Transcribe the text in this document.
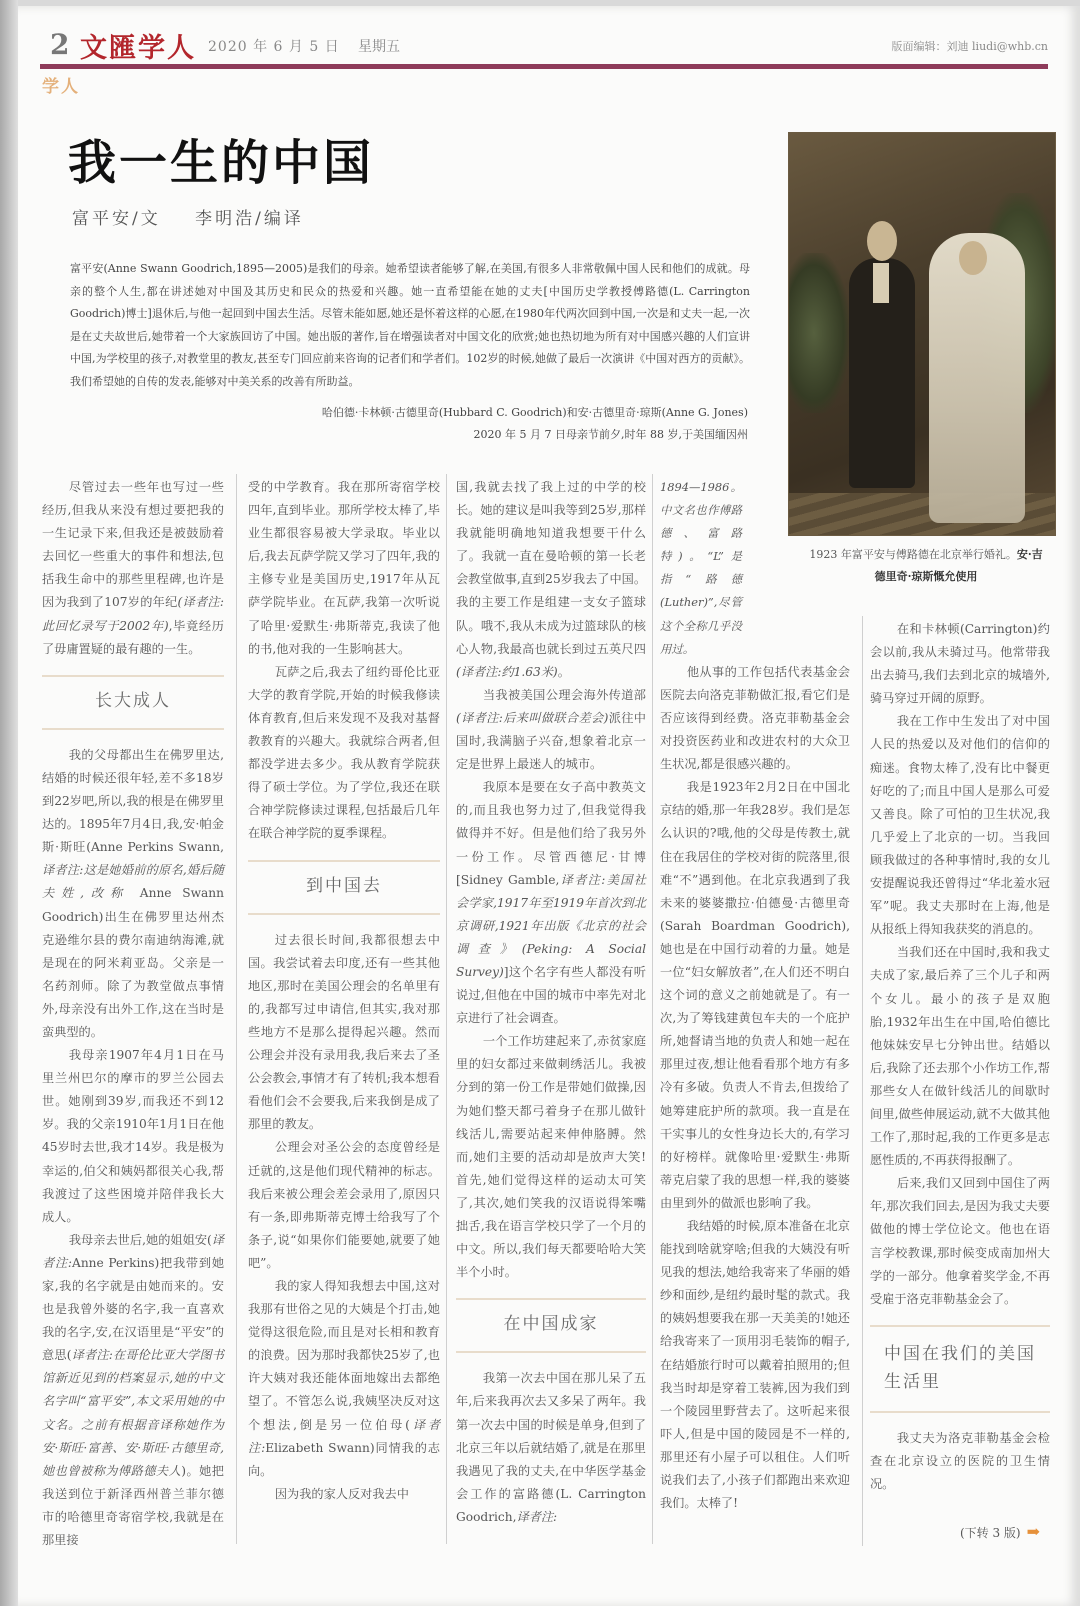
2 文匯学人 2020 年 6 月 5 日 星期五	版面编辑：刘迪 liudi@whb.cn
学人
我一生的中国
富平安/文 李明浩/编译

富平安(Anne Swann Goodrich,1895—2005)是我们的母亲。她希望读者能够了解,在美国,有很多人非常敬佩中国人民和他们的成就。母亲的整个人生,都在讲述她对中国及其历史和民众的热爱和兴趣。她一直希望能在她的丈夫[中国历史学教授傅路德(L. Carrington Goodrich)博士]退休后,与他一起回到中国去生活。尽管未能如愿,她还是怀着这样的心愿,在1980年代两次回到中国,一次是和丈夫一起,一次是在丈夫故世后,她带着一个大家族回访了中国。她出版的著作,旨在增强读者对中国文化的欣赏;她也热切地为所有对中国感兴趣的人们宣讲中国,为学校里的孩子,对教堂里的教友,甚至专门回应前来咨询的记者们和学者们。102岁的时候,她做了最后一次演讲《中国对西方的贡献》。我们希望她的自传的发表,能够对中美关系的改善有所助益。

哈伯德·卡林顿·古德里奇(Hubbard C. Goodrich)和安·古德里奇·琼斯(Anne G. Jones)
2020 年 5 月 7 日母亲节前夕,时年 88 岁,于美国缅因州
1923 年富平安与傅路德在北京举行婚礼。安·吉德里奇·琼斯慨允使用

尽管过去一些年也写过一些经历,但我从来没有想过要把我的一生记录下来,但我还是被鼓励着去回忆一些重大的事件和想法,包括我生命中的那些里程碑,也许是因为我到了107岁的年纪(译者注:此回忆录写于2002年),毕竟经历了毋庸置疑的最有趣的一生。

长大成人

我的父母都出生在佛罗里达,结婚的时候还很年轻,差不多18岁到22岁吧,所以,我的根是在佛罗里达的。1895年7月4日,我,安·帕金斯·斯旺(Anne Perkins Swann,译者注:这是她婚前的原名,婚后随夫姓,改称 Anne Swann Goodrich)出生在佛罗里达州杰克逊维尔县的费尔南迪纳海滩,就是现在的阿米莉亚岛。父亲是一名药剂师。除了为教堂做点事情外,母亲没有出外工作,这在当时是蛮典型的。

我母亲1907年4月1日在马里兰州巴尔的摩市的罗兰公园去世。她刚到39岁,而我还不到12岁。我的父亲1910年1月1日在他45岁时去世,我才14岁。我是极为幸运的,伯父和姨妈都很关心我,帮我渡过了这些困境并陪伴我长大成人。

我母亲去世后,她的姐姐安(译者注:Anne Perkins)把我带到她家,我的名字就是由她而来的。安也是我曾外婆的名字,我一直喜欢我的名字,安,在汉语里是“平安”的意思(译者注:在哥伦比亚大学图书馆新近见到的档案显示,她的中文名字叫“富平安”,本文采用她的中文名。之前有根据音译称她作为安·斯旺·富善、安·斯旺·古德里奇,她也曾被称为傅路德夫人)。她把我送到位于新泽西州普兰菲尔德市的哈德里奇寄宿学校,我就是在那里接

受的中学教育。我在那所寄宿学校四年,直到毕业。那所学校太棒了,毕业生都很容易被大学录取。毕业以后,我去瓦萨学院又学习了四年,我的主修专业是美国历史,1917年从瓦萨学院毕业。在瓦萨,我第一次听说了哈里·爱默生·弗斯蒂克,我读了他的书,他对我的一生影响甚大。

瓦萨之后,我去了纽约哥伦比亚大学的教育学院,开始的时候我修读体育教育,但后来发现不及我对基督教教育的兴趣大。我就综合两者,但都没学进去多少。我从教育学院获得了硕士学位。为了学位,我还在联合神学院修读过课程,包括最后几年在联合神学院的夏季课程。

到中国去

过去很长时间,我都很想去中国。我尝试着去印度,还有一些其他地区,那时在美国公理会的名单里有的,我都写过申请信,但其实,我对那些地方不是那么提得起兴趣。然而公理会并没有录用我,我后来去了圣公会教会,事情才有了转机;我本想看看他们会不会要我,后来我倒是成了那里的教友。

公理会对圣公会的态度曾经是迁就的,这是他们现代精神的标志。我后来被公理会差会录用了,原因只有一条,即弗斯蒂克博士给我写了个条子,说“如果你们能要她,就要了她吧”。

我的家人得知我想去中国,这对我那有世俗之见的大姨是个打击,她觉得这很危险,而且是对长相和教育的浪费。因为那时我都快25岁了,也许大姨对我还能体面地嫁出去都绝望了。不管怎么说,我姨坚决反对这个想法,倒是另一位伯母(译者注:Elizabeth Swann)同情我的志向。

因为我的家人反对我去中

国,我就去找了我上过的中学的校长。她的建议是叫我等到25岁,那样我就能明确地知道我想要干什么了。我就一直在曼哈顿的第一长老会教堂做事,直到25岁我去了中国。我的主要工作是组建一支女子篮球队。哦不,我从未成为过篮球队的核心人物,我最高也就长到过五英尺四(译者注:约1.63米)。

当我被美国公理会海外传道部(译者注:后来叫做联合差会)派往中国时,我满脑子兴奋,想象着北京一定是世界上最迷人的城市。

我原本是要在女子高中教英文的,而且我也努力过了,但我觉得我做得并不好。但是他们给了我另外一份工作。尽管西德尼·甘博[Sidney Gamble,译者注:美国社会学家,1917年至1919年首次到北京调研,1921年出版《北京的社会调查》(Peking: A Social Survey)]这个名字有些人都没有听说过,但他在中国的城市中率先对北京进行了社会调查。

一个工作坊建起来了,赤贫家庭里的妇女都过来做刺绣活儿。我被分到的第一份工作是带她们做操,因为她们整天都弓着身子在那儿做针线活儿,需要站起来伸伸胳膊。然而,她们主要的活动却是放声大笑!首先,她们觉得这样的运动太可笑了,其次,她们笑我的汉语说得笨嘴拙舌,我在语言学校只学了一个月的中文。所以,我们每天都要哈哈大笑半个小时。

在中国成家

我第一次去中国在那儿呆了五年,后来我再次去又多呆了两年。我第一次去中国的时候是单身,但到了北京三年以后就结婚了,就是在那里我遇见了我的丈夫,在中华医学基金会工作的富路德(L. Carrington Goodrich,译者注:

1894—1986。中文名也作傅路德、富路特)。“L”是指“路德(Luther)”,尽管这个全称几乎没用过。

他从事的工作包括代表基金会医院去向洛克菲勒做汇报,看它们是否应该得到经费。洛克菲勒基金会对投资医药业和改进农村的大众卫生状况,都是很感兴趣的。

我是1923年2月2日在中国北京结的婚,那一年我28岁。我们是怎么认识的?哦,他的父母是传教士,就住在我居住的学校对街的院落里,很难“不”遇到他。在北京我遇到了我未来的婆婆撒拉·伯德曼·古德里奇(Sarah Boardman Goodrich),她也是在中国行动着的力量。她是一位“妇女解放者”,在人们还不明白这个词的意义之前她就是了。有一次,为了筹钱建黄包车夫的一个庇护所,她督请当地的负责人和她一起在那里过夜,想让他看看那个地方有多冷有多破。负责人不肯去,但拨给了她筹建庇护所的款项。我一直是在干实事儿的女性身边长大的,有学习的好榜样。就像哈里·爱默生·弗斯蒂克启蒙了我的思想一样,我的婆婆由里到外的做派也影响了我。

我结婚的时候,原本准备在北京能找到啥就穿啥;但我的大姨没有听见我的想法,她给我寄来了华丽的婚纱和面纱,是纽约最时髦的款式。我的姨妈想要我在那一天美美的!她还给我寄来了一顶用羽毛装饰的帽子,在结婚旅行时可以戴着拍照用的;但我当时却是穿着工装裤,因为我们到一个陵园里野营去了。这听起来很吓人,但是中国的陵园是不一样的,那里还有小屋子可以租住。人们听说我们去了,小孩子们都跑出来欢迎我们。太棒了!

在和卡林顿(Carrington)约会以前,我从未骑过马。他常带我出去骑马,我们去到北京的城墙外,骑马穿过开阔的原野。

我在工作中生发出了对中国人民的热爱以及对他们的信仰的痴迷。食物太棒了,没有比中餐更好吃的了;而且中国人是那么可爱又善良。除了可怕的卫生状况,我几乎爱上了北京的一切。当我回顾我做过的各种事情时,我的女儿安提醒说我还曾得过“华北羞水冠军”呢。我丈夫那时在上海,他是从报纸上得知我获奖的消息的。

当我们还在中国时,我和我丈夫成了家,最后养了三个儿子和两个女儿。最小的孩子是双胞胎,1932年出生在中国,哈伯德比他妹妹安早七分钟出世。结婚以后,我除了还去那个小作坊工作,帮那些女人在做针线活儿的间歇时间里,做些伸展运动,就不大做其他工作了,那时起,我的工作更多是志愿性质的,不再获得报酬了。

后来,我们又回到中国住了两年,那次我们回去,是因为我丈夫要做他的博士学位论文。他也在语言学校教课,那时候变成南加州大学的一部分。他拿着奖学金,不再受雇于洛克菲勒基金会了。

中国在我们的美国生活里

我丈夫为洛克菲勒基金会检查在北京设立的医院的卫生情况。

(下转 3 版) ➡
